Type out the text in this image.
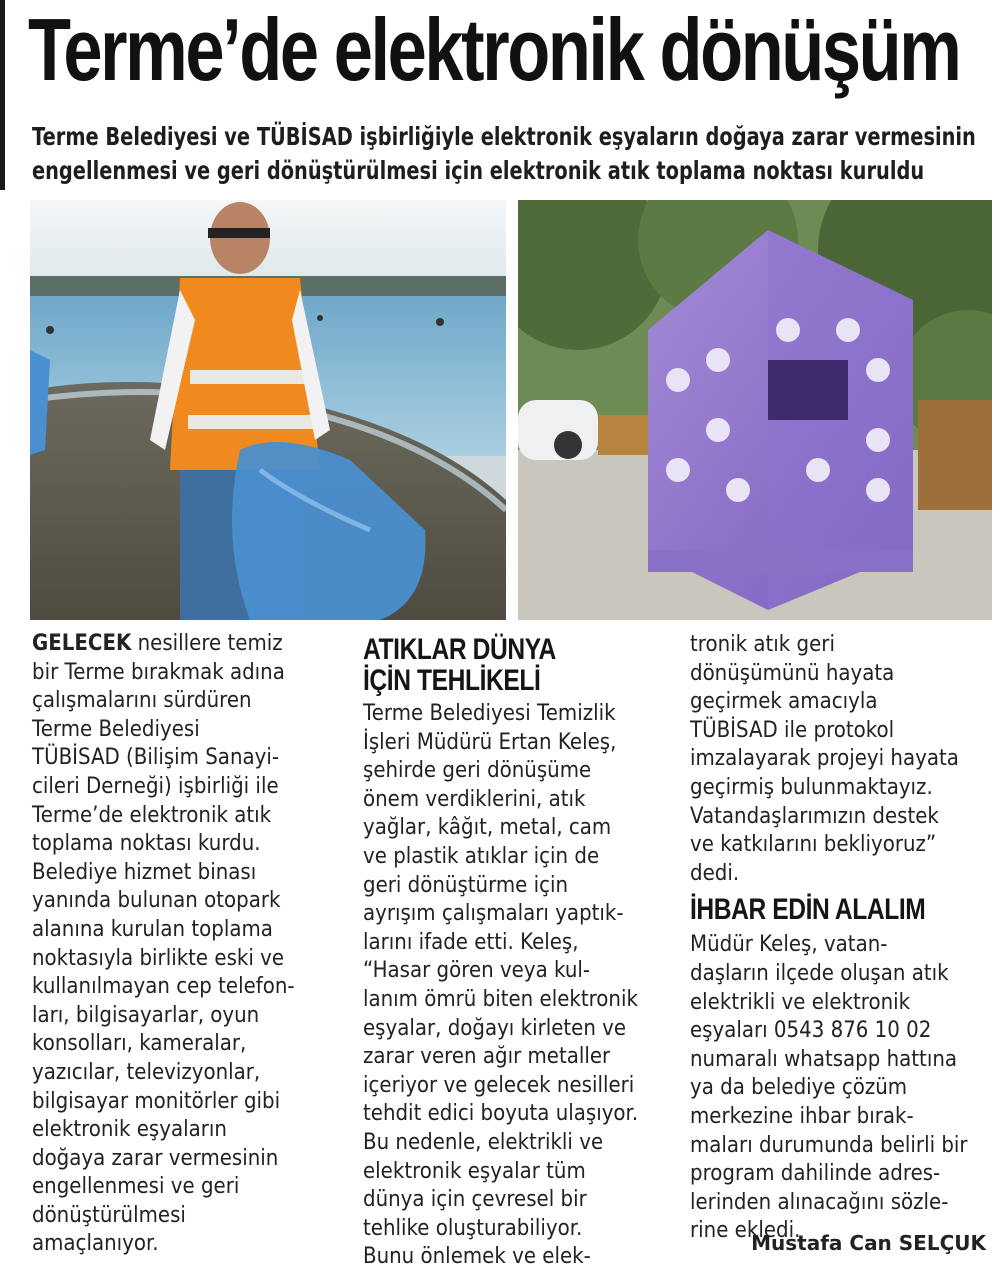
Terme’de elektronik dönüşüm

Terme Belediyesi ve TÜBİSAD işbirliğiyle elektronik eşyaların doğaya zarar vermesinin
engellenmesi ve geri dönüştürülmesi için elektronik atık toplama noktası kuruldu

GELECEK nesillere temiz
bir Terme bırakmak adına
çalışmalarını sürdüren
Terme Belediyesi
TÜBİSAD (Bilişim Sanayi-
cileri Derneği) işbirliği ile
Terme’de elektronik atık
toplama noktası kurdu.
Belediye hizmet binası
yanında bulunan otopark
alanına kurulan toplama
noktasıyla birlikte eski ve
kullanılmayan cep telefon-
ları, bilgisayarlar, oyun
konsolları, kameralar,
yazıcılar, televizyonlar,
bilgisayar monitörler gibi
elektronik eşyaların
doğaya zarar vermesinin
engellenmesi ve geri
dönüştürülmesi
amaçlanıyor.
ATIKLAR DÜNYA
İÇİN TEHLİKELİ
Terme Belediyesi Temizlik
İşleri Müdürü Ertan Keleş,
şehirde geri dönüşüme
önem verdiklerini, atık
yağlar, kâğıt, metal, cam
ve plastik atıklar için de
geri dönüştürme için
ayrışım çalışmaları yaptık-
larını ifade etti. Keleş,
“Hasar gören veya kul-
lanım ömrü biten elektronik
eşyalar, doğayı kirleten ve
zarar veren ağır metaller
içeriyor ve gelecek nesilleri
tehdit edici boyuta ulaşıyor.
Bu nedenle, elektrikli ve
elektronik eşyalar tüm
dünya için çevresel bir
tehlike oluşturabiliyor.
Bunu önlemek ve elek-
tronik atık geri
dönüşümünü hayata
geçirmek amacıyla
TÜBİSAD ile protokol
imzalayarak projeyi hayata
geçirmiş bulunmaktayız.
Vatandaşlarımızın destek
ve katkılarını bekliyoruz”
dedi.
İHBAR EDİN ALALIM
Müdür Keleş, vatan-
daşların ilçede oluşan atık
elektrikli ve elektronik
eşyaları 0543 876 10 02
numaralı whatsapp hattına
ya da belediye çözüm
merkezine ihbar bırak-
maları durumunda belirli bir
program dahilinde adres-
lerinden alınacağını sözle-
rine ekledi.
Mustafa Can SELÇUK
